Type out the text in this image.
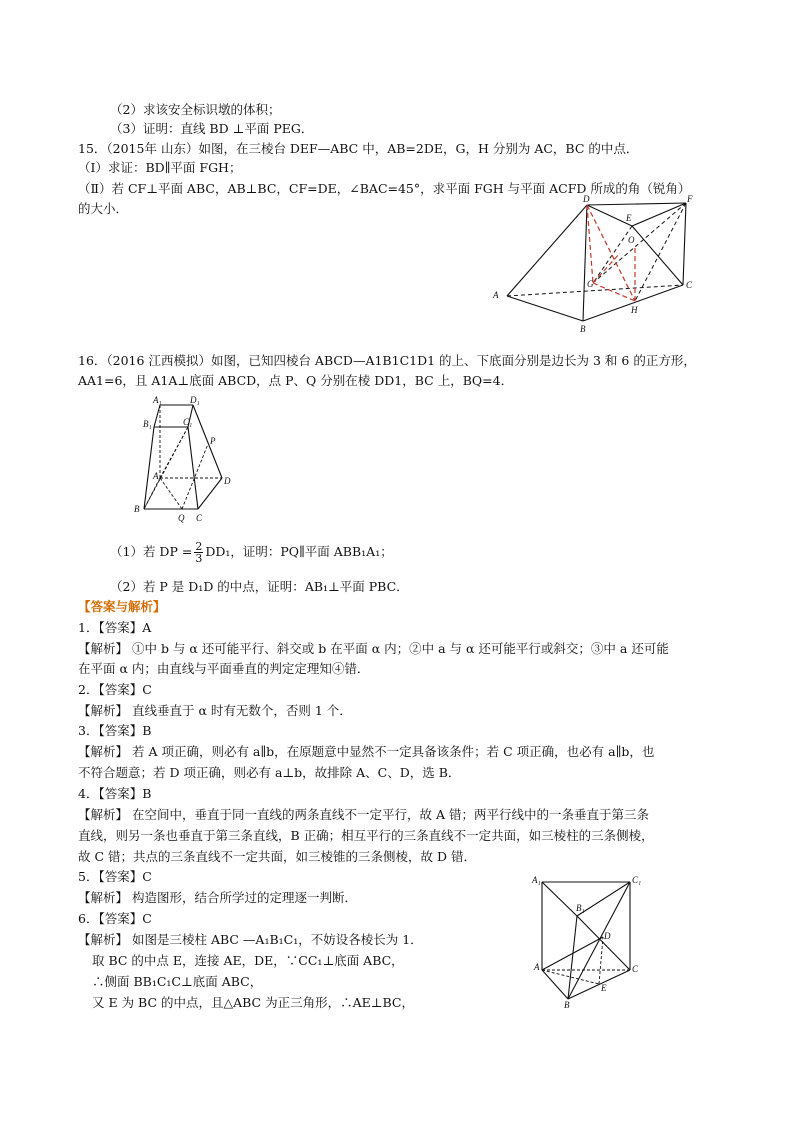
（2）求该安全标识墩的体积；
（3）证明：直线 BD ⊥平面 PEG．
15．（2015年 山东）如图，在三棱台 DEF—ABC 中，AB=2DE，G，H 分别为 AC，BC 的中点．
（Ⅰ）求证：BD∥平面 FGH；
（Ⅱ）若 CF⊥平面 ABC，AB⊥BC，CF=DE，∠BAC=45°，求平面 FGH 与平面 ACFD 所成的角（锐角）
的大小．
D
E
F
O
A
G	C
H
B
16．（2016 江西模拟）如图，已知四棱台 ABCD—A1B1C1D1 的上、下底面分别是边长为 3 和 6 的正方形，
AA1=6，且 A1A⊥底面 ABCD，点 P、Q 分别在棱 DD1，BC 上，BQ=4．
A₁	D₁
B₁	C₁
P
A	D
B
Q C
（1）若 DP = $\frac{2}{3} DD_1$，证明：PQ∥平面 ABB₁A₁；
（2）若 P 是 D₁D 的中点，证明：AB₁⊥平面 PBC．
【答案与解析】
1．【答案】A
【解析】 ①中 b 与 α 还可能平行、斜交或 b 在平面 α 内；②中 a 与 α 还可能平行或斜交；③中 a 还可能
在平面 α 内；由直线与平面垂直的判定定理知④错．
2．【答案】C
【解析】 直线垂直于 α 时有无数个，否则 1 个．
3．【答案】B
【解析】 若 A 项正确，则必有 a∥b，在原题意中显然不一定具备该条件；若 C 项正确，也必有 a∥b，也
不符合题意；若 D 项正确，则必有 a⊥b，故排除 A、C、D，选 B．
4．【答案】B
【解析】 在空间中，垂直于同一直线的两条直线不一定平行，故 A 错；两平行线中的一条垂直于第三条
直线，则另一条也垂直于第三条直线，B 正确；相互平行的三条直线不一定共面，如三棱柱的三条侧棱，
故 C 错；共点的三条直线不一定共面，如三棱锥的三条侧棱，故 D 错．
5．【答案】C
【解析】 构造图形，结合所学过的定理逐一判断．
6．【答案】C
【解析】 如图是三棱柱 ABC —A₁B₁C₁，不妨设各棱长为 1．
取 BC 的中点 E，连接 AE，DE，∵CC₁⊥底面 ABC，
∴侧面 BB₁C₁C⊥底面 ABC，
又 E 为 BC 的中点，且△ABC 为正三角形，∴AE⊥BC，
A₁	C₁
B₁
D
A	C
E
B
